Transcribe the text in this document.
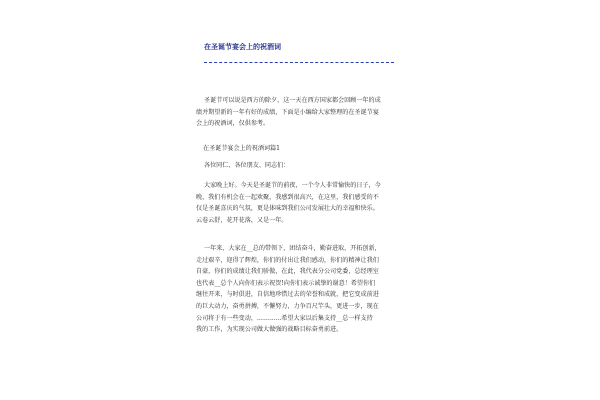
在圣诞节宴会上的祝酒词
圣诞节可以说是西方的除夕，这一天在西方国家都会回顾一年的成
绩并期望新的一年有好的成绩，下面是小编给大家整理的在圣诞节宴
会上的祝酒词，仅供参考。
在圣诞节宴会上的祝酒词篇1
各位同仁、各位朋友、同志们：
大家晚上好。今天是圣诞节的前夜，一个令人非常愉快的日子，今
晚，我们有机会在一起欢聚，我感到很高兴，在这里，我们感受的不
仅是圣诞喜庆的气氛，更是体味到我们公司发展壮大的幸福和快乐。
云卷云舒，花开花落，又是一年。
一年来，大家在__总的带领下，团结奋斗，勤奋进取，开拓创新，
走过艰辛，迎得了辉煌，你们的付出让我们感动，你们的精神让我们
自豪，你们的成绩让我们骄傲，在此，我代表分公司党委，总经理室
也代表__总个人向你们表示祝贺!向你们表示诚挚的谢意！希望你们
继往开来，与时俱进，自信地珍惜过去的荣誉和成就，把它变成前进
的巨大动力，奋勇拼搏，不懈努力，力争百尺竿头，更进一步，现在
公司将于有一些变动，…………希望大家以后集支持__总一样支持
我的工作，为实现公司做大做强的战略目标奋勇前进。
